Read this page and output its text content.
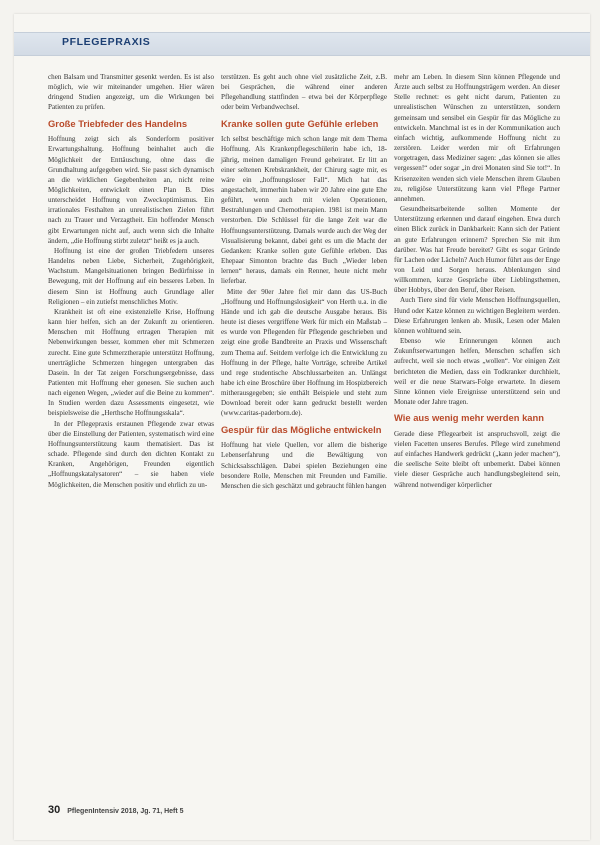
PFLEGEPRAXIS

chen Balsam und Transmitter gesenkt werden. Es ist also möglich, wie wir miteinander umgehen. Hier wären dringend Studien angezeigt, um die Wirkungen bei Patienten zu prüfen.

Große Triebfeder des Handelns

Hoffnung zeigt sich als Sonderform positiver Erwartungshaltung. Hoffnung beinhaltet auch die Möglichkeit der Enttäuschung, ohne dass die Grundhaltung aufgegeben wird. Sie passt sich dynamisch an die wirklichen Gegebenheiten an, nicht reine Möglichkeiten, entwickelt einen Plan B. Dies unterscheidet Hoffnung von Zweckoptimismus. Ein irrationales Festhalten an unrealistischen Zielen führt nach zu Trauer und Verzagtheit. Ein hoffender Mensch gibt Erwartungen nicht auf, auch wenn sich die Inhalte ändern, „die Hoffnung stirbt zuletzt“ heißt es ja auch.

Hoffnung ist eine der großen Triebfedern unseres Handelns neben Liebe, Sicherheit, Zugehörigkeit, Wachstum. Mangelsituationen bringen Bedürfnisse in Bewegung, mit der Hoffnung auf ein besseres Leben. In diesem Sinn ist Hoffnung auch Grundlage aller Religionen – ein zutiefst menschliches Motiv.

Krankheit ist oft eine existenzielle Krise, Hoffnung kann hier helfen, sich an der Zukunft zu orientieren. Menschen mit Hoffnung ertragen Therapien mit Nebenwirkungen besser, kommen eher mit Schmerzen zurecht. Eine gute Schmerztherapie unterstützt Hoffnung, unerträgliche Schmerzen hingegen untergraben das Dasein. In der Tat zeigen Forschungsergebnisse, dass Patienten mit Hoffnung eher genesen. Sie suchen auch nach eigenen Wegen, „wieder auf die Beine zu kommen“. In Studien werden dazu Assessments eingesetzt, wie beispielsweise die „Herthsche Hoffnungsskala“.

In der Pflegepraxis erstaunen Pflegende zwar etwas über die Einstellung der Patienten, systematisch wird eine Hoffnungsunterstützung kaum thematisiert. Das ist schade. Pflegende sind durch den dichten Kontakt zu Kranken, Angehörigen, Freunden eigentlich „Hoffnungskatalysatoren“ – sie haben viele Möglichkeiten, die Menschen positiv und ehrlich zu un-

terstützen. Es geht auch ohne viel zusätzliche Zeit, z.B. bei Gesprächen, die während einer anderen Pflegehandlung stattfinden – etwa bei der Körperpflege oder beim Verbandwechsel.

Kranke sollen gute Gefühle erleben

Ich selbst beschäftige mich schon lange mit dem Thema Hoffnung. Als Krankenpflegeschülerin habe ich, 18-jährig, meinen damaligen Freund geheiratet. Er litt an einer seltenen Krebskrankheit, der Chirurg sagte mir, es wäre ein „hoffnungsloser Fall“. Mich hat das angestachelt, immerhin haben wir 20 Jahre eine gute Ehe geführt, wenn auch mit vielen Operationen, Bestrahlungen und Chemotherapien. 1981 ist mein Mann verstorben. Die Schlüssel für die lange Zeit war die Hoffnungsunterstützung. Damals wurde auch der Weg der Visualisierung bekannt, dabei geht es um die Macht der Gedanken: Kranke sollen gute Gefühle erleben. Das Ehepaar Simonton brachte das Buch „Wieder leben lernen“ heraus, damals ein Renner, heute nicht mehr lieferbar.

Mitte der 90er Jahre fiel mir dann das US-Buch „Hoffnung und Hoffnungslosigkeit“ von Herth u.a. in die Hände und ich gab die deutsche Ausgabe heraus. Bis heute ist dieses vergriffene Werk für mich ein Maßstab – es wurde von Pflegenden für Pflegende geschrieben und zeigt eine große Bandbreite an Praxis und Wissenschaft zum Thema auf. Seitdem verfolge ich die Entwicklung zu Hoffnung in der Pflege, halte Vorträge, schreibe Artikel und rege studentische Abschlussarbeiten an. Unlängst habe ich eine Broschüre über Hoffnung im Hospizbereich mitherausgegeben; sie enthält Beispiele und steht zum Download bereit oder kann gedruckt bestellt werden (www.caritas-paderborn.de).

Gespür für das Mögliche entwickeln

Hoffnung hat viele Quellen, vor allem die bisherige Lebenserfahrung und die Bewältigung von Schicksalsschlägen. Dabei spielen Beziehungen eine besondere Rolle, Menschen mit Freunden und Familie. Menschen die sich geschätzt und gebraucht fühlen hangen

mehr am Leben. In diesem Sinn können Pflegende und Ärzte auch selbst zu Hoffnungsträgern werden. An dieser Stelle rechnet: es geht nicht darum, Patienten zu unrealistischen Wünschen zu unterstützen, sondern gemeinsam und sensibel ein Gespür für das Mögliche zu entwickeln. Manchmal ist es in der Kommunikation auch einfach wichtig, aufkommende Hoffnung nicht zu zerstören. Leider werden mir oft Erfahrungen vorgetragen, dass Mediziner sagen: „das können sie alles vergessen!“ oder sogar „in drei Monaten sind Sie tot!“. In Krisenzeiten wenden sich viele Menschen ihrem Glauben zu, religiöse Unterstützung kann viel Pflege Partner annehmen.

Gesundheitsarbeitende sollten Momente der Unterstützung erkennen und darauf eingehen. Etwa durch einen Blick zurück in Dankbarkeit: Kann sich der Patient an gute Erfahrungen erinnern? Sprechen Sie mit ihm darüber. Was hat Freude bereitet? Gibt es sogar Gründe für Lachen oder Lächeln? Auch Humor führt aus der Enge von Leid und Sorgen heraus. Ablenkungen sind willkommen, kurze Gespräche über Lieblingsthemen, über Hobbys, über den Beruf, über Reisen.

Auch Tiere sind für viele Menschen Hoffnungsquellen, Hund oder Katze können zu wichtigen Begleitern werden. Diese Erfahrungen lenken ab. Musik, Lesen oder Malen können wohltuend sein.

Ebenso wie Erinnerungen können auch Zukunftserwartungen helfen, Menschen schaffen sich aufrecht, weil sie noch etwas „wollen“. Vor einigen Zeit berichteten die Medien, dass ein Todkranker durchhielt, weil er die neue Starwars-Folge erwartete. In diesem Sinne können viele Ereignisse unterstützend sein und Monate oder Jahre tragen.

Wie aus wenig mehr werden kann

Gerade diese Pflegearbeit ist anspruchsvoll, zeigt die vielen Facetten unseres Berufes. Pflege wird zunehmend auf einfaches Handwerk gedrückt („kann jeder machen“), die seelische Seite bleibt oft unbemerkt. Dabei können viele dieser Gespräche auch handlungsbegleitend sein, während notwendiger körperlicher

30 PflegenIntensiv 2018, Jg. 71, Heft 5
